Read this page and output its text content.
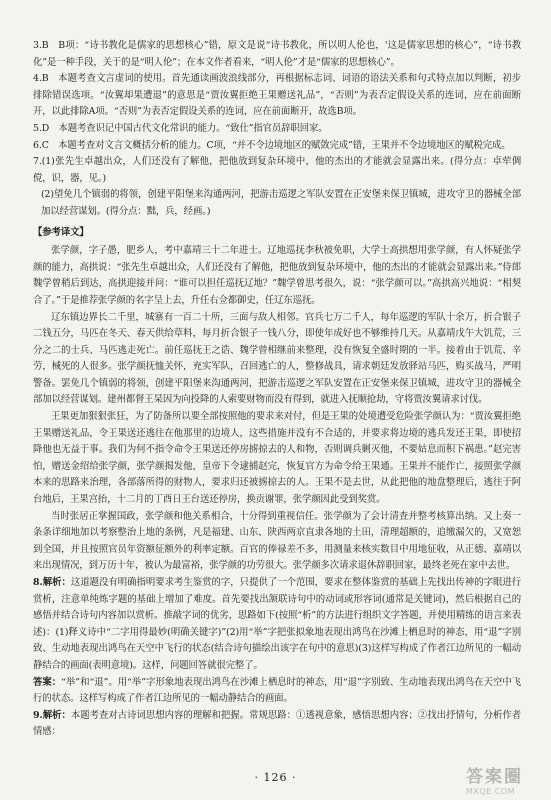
3.B　B项：“诗书教化是儒家的思想核心”错，原文是说“诗书教化，所以明人伦也，'这是儒家思想的核心”，“诗书教化”是一种手段，关于的是“明人伦”；在本文作者看来，“明人伦”才是“儒家的思想核心”。

4.B　本题考查文言虚词的使用。首先通读画波浪线部分，再根据标志词、词语的语法关系和句式特点加以判断，初步排除错误选项。“汝翼却果遭退”的意思是“贾汝翼拒绝王果赠送礼品”，“否则”为表否定假设关系的连词，应在前面断开，以此排除A项。“否则”为表否定假设关系的连词，应在前面断开，故选B项。

5.D　本题考查识记中国古代文化常识的能力。“致仕”指官员辞职回家。

6.C　本题考查对文言文概括分析的能力。C项，“并不令边境地区的赋敛完成”错，王果并不令边境地区的赋税完成。

7.(1)张先生卓越出众，人们还没有了解他，把他放到复杂环境中，他的杰出的才能就会显露出来。(得分点：卓荦倜傥，识，器，见。)

(2)望免几个镇弱的将领，创建平阳堡来沟通两河，把游击巡逻之军队安置在正安堡来保卫镇城，进攻守卫的器械全部加以经营谋划。(得分点：黜，兵，经画。)

【参考译文】

张学颜，字子愚，肥乡人，考中嘉靖三十二年进士。辽地巡抚李秋被免职，大学士高拱想用张学颜，有人怀疑张学颜的能力，高拱说：“张先生卓越出众，人们还没有了解他，把他放到复杂环境中，他的杰出的才能就会显露出来。”侍郎魏学曾稍后到达，高拱迎接并问：“谁可以担任巡抚辽地？”魏学曾思考很久，说：“张学颜可以。”高拱高兴地说：“相契合了。”于是推荐张学颜的名字呈上去，升任右佥都御史，任辽东巡抚。

辽东镇边界长二千里，城寨有一百二十所，三面与敌人相邻。官兵七万二千人，每年巡逻的军队十余万，折合银子二钱五分，马匹在冬天、春天供给草料，每月折合银子一钱八分，即使年成好也不够维持几天。从嘉靖戊午大饥荒，三分之二的士兵、马匹逃走死亡。前任巡抚王之诰、魏学曾相继前来整理，没有恢复全盛时期的一半。接着由于饥荒、辛劳，械死的人很多。张学颜抚恤关怀，充实军队，召回逃亡的人，整修战具，请求朝廷发放驿站马匹，购买战马，严明警备。罢免几个镇弱的将领，创建平阳堡来沟通两河，把游击巡逻之军队安置在正安堡来保卫镇城，进攻守卫的器械全部加以经营谋划。建州都督王杲因为向投降的人索要财物而没有得到，就进入抚顺抢劫，守将贾汝翼请求讨伐。

王果更加狠狠张狂，为了防备所以要全部按照他的要求来对付，但是王果的处境遭受危险张学颜认为：“贾汝翼拒绝王果赠送礼品，令王果送还逃往在他那里的边境人，这些措施并没有不合适的，并要求将边境的逃兵发还王果，即使招降他也无益于事。我们为何不指令命令王果送还停房掳掠去的人和物，否则调兵剿灭他，不要姑息而积下祸患。”赵完害怕，赠送金绍给张学颜，张学颜揭发他，皇帝下令逮捕赵完，恢复官方为命令给王果通。王果并不能作亡，接照张学颜本来的思路来治理，各部落所得的财物人，要求归还被掳掠去的人。王果不是去世，从此把他的地盘整理后，逃往于阿台地后，王果宫抬，十二月的丁酉日王台送还停房，换贡谢罪，张学颜因此受到奖赏。

当时张居正掌握国政，张学颜和他关系相合，十分得到重视信任。张学颜为了会计清查并整考核算出纳。又上奏一条条详细地加以考察整治上地的条例，凡是福建、山东、陕西两京直隶各地的土田，清理超额的，追缴漏欠的，又宽恕到全国，并且按照官员年资额征额外的利率定额。百官的俸禄差不多，用测量来核实数目中用地征收，从正德、嘉靖以来出现情况，到万历十年，被认为最富裕，张学颜的功劳很大。张学颜多次请求退休辞职回家，最终老死在家中去世。

8.解析：这道题没有明确指明要求考生鉴赏的字，只提供了一个范围，要求在整体鉴赏的基础上先找出传神的字眼进行赏析，注意单纯炼字题的基础上增加了难度。首先要找出颔联诗句中的动词或形容词(通常是关键词)，然后根据自己的感悟并结合诗句内容加以赏析。推敲字词的优劣，思路如下(按照“析”的方法进行组织文字答题，并使用精练的语言来表述)：(1)释义诗中“二字用得最妙(明确关键字)”(2)用“举”字把张拟象地表现出鸿鸟在沙滩上栖息时的神态，用“退”字别致、生动地表现出鸿鸟在天空中飞行的状态(结合诗句描绘出该字在句中的意思)(3)这样写构成了作者江边所见的一幅动静结合的画面(表明意境)。这样，问题回答就很完整了。

答案：“举”和“退”。用“举”字形象地表现出鸿鸟在沙滩上栖息时的神态，用“退”字别致、生动地表现出鸿鸟在天空中飞行的状态。这样写构成了作者江边所见的一幅动静结合的画面。

9.解析：本题考查对古诗词思想内容的理解和把握。常规思路：①透视意象，感悟思想内容；②找出抒情句，分析作者情感：

· 126 ·	答案圈
MXQE.COM
